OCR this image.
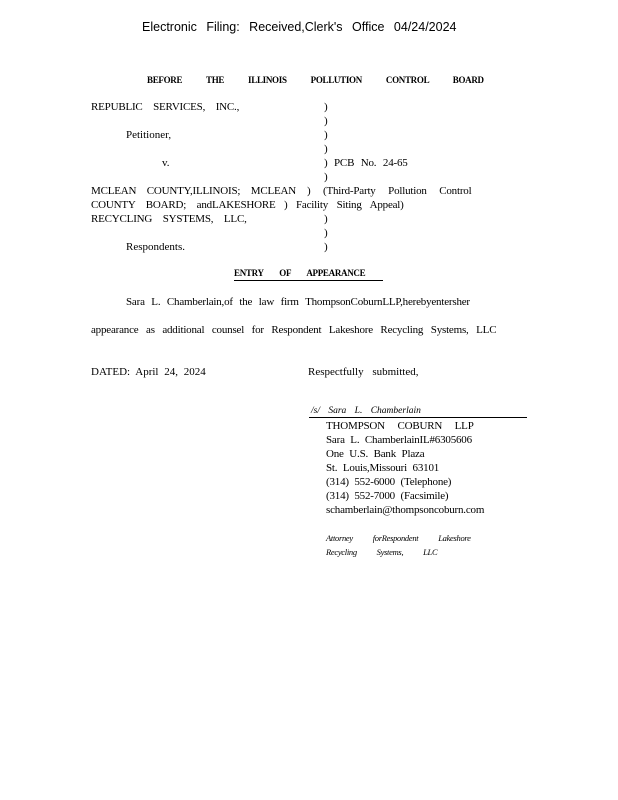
Electronic Filing: Received,Clerk's Office 04/24/2024
BEFORE THE ILLINOIS POLLUTION CONTROL BOARD
REPUBLIC SERVICES, INC.,
Petitioner,
v.
MCLEAN COUNTY,ILLINOIS; MCLEAN
COUNTY BOARD; andLAKESHORE
RECYCLING SYSTEMS, LLC,
Respondents.
)
)
)
)
) PCB No. 24-65
)
) (Third-Party Pollution Control
) Facility Siting Appeal)
)
)
)
ENTRY OF APPEARANCE
Sara L. Chamberlain,of the law firm ThompsonCoburnLLP,herebyentersher
appearance as additional counsel for Respondent Lakeshore Recycling Systems, LLC
DATED: April 24, 2024	Respectfully submitted,
/s/ Sara L. Chamberlain
THOMPSON COBURN LLP
Sara L. ChamberlainIL#6305606
One U.S. Bank Plaza
St. Louis,Missouri 63101
(314) 552-6000 (Telephone)
(314) 552-7000 (Facsimile)
schamberlain@thompsoncoburn.com
Attorney forRespondent Lakeshore
Recycling Systems, LLC
